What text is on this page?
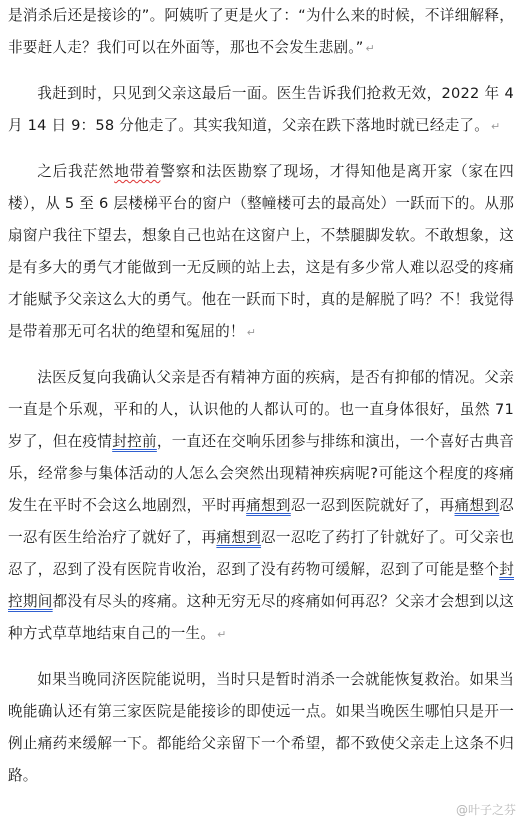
是消杀后还是接诊的”。阿姨听了更是火了：“为什么来的时候，不详细解释，非要赶人走？我们可以在外面等，那也不会发生悲剧。” ↵

我赶到时，只见到父亲这最后一面。医生告诉我们抢救无效，2022 年 4 月 14 日 9：58 分他走了。其实我知道，父亲在跌下落地时就已经走了。 ↵

之后我茫然地带着警察和法医勘察了现场，才得知他是离开家（家在四楼），从 5 至 6 层楼梯平台的窗户（整幢楼可去的最高处）一跃而下的。从那扇窗户我往下望去，想象自己也站在这窗户上，不禁腿脚发软。不敢想象，这是有多大的勇气才能做到一无反顾的站上去，这是有多少常人难以忍受的疼痛才能赋予父亲这么大的勇气。他在一跃而下时，真的是解脱了吗？不！我觉得是带着那无可名状的绝望和冤屈的！ ↵

法医反复向我确认父亲是否有精神方面的疾病，是否有抑郁的情况。父亲一直是个乐观，平和的人，认识他的人都认可的。也一直身体很好，虽然 71 岁了，但在疫情封控前，一直还在交响乐团参与排练和演出，一个喜好古典音乐，经常参与集体活动的人怎么会突然出现精神疾病呢?可能这个程度的疼痛发生在平时不会这么地剧烈，平时再痛想到忍一忍到医院就好了，再痛想到忍一忍有医生给治疗了就好了，再痛想到忍一忍吃了药打了针就好了。可父亲也忍了，忍到了没有医院肯收治，忍到了没有药物可缓解，忍到了可能是整个封控期间都没有尽头的疼痛。这种无穷无尽的疼痛如何再忍？父亲才会想到以这种方式草草地结束自己的一生。 ↵

如果当晚同济医院能说明，当时只是暂时消杀一会就能恢复救治。如果当晚能确认还有第三家医院是能接诊的即使远一点。如果当晚医生哪怕只是开一例止痛药来缓解一下。都能给父亲留下一个希望，都不致使父亲走上这条不归路。

@叶子之芬
